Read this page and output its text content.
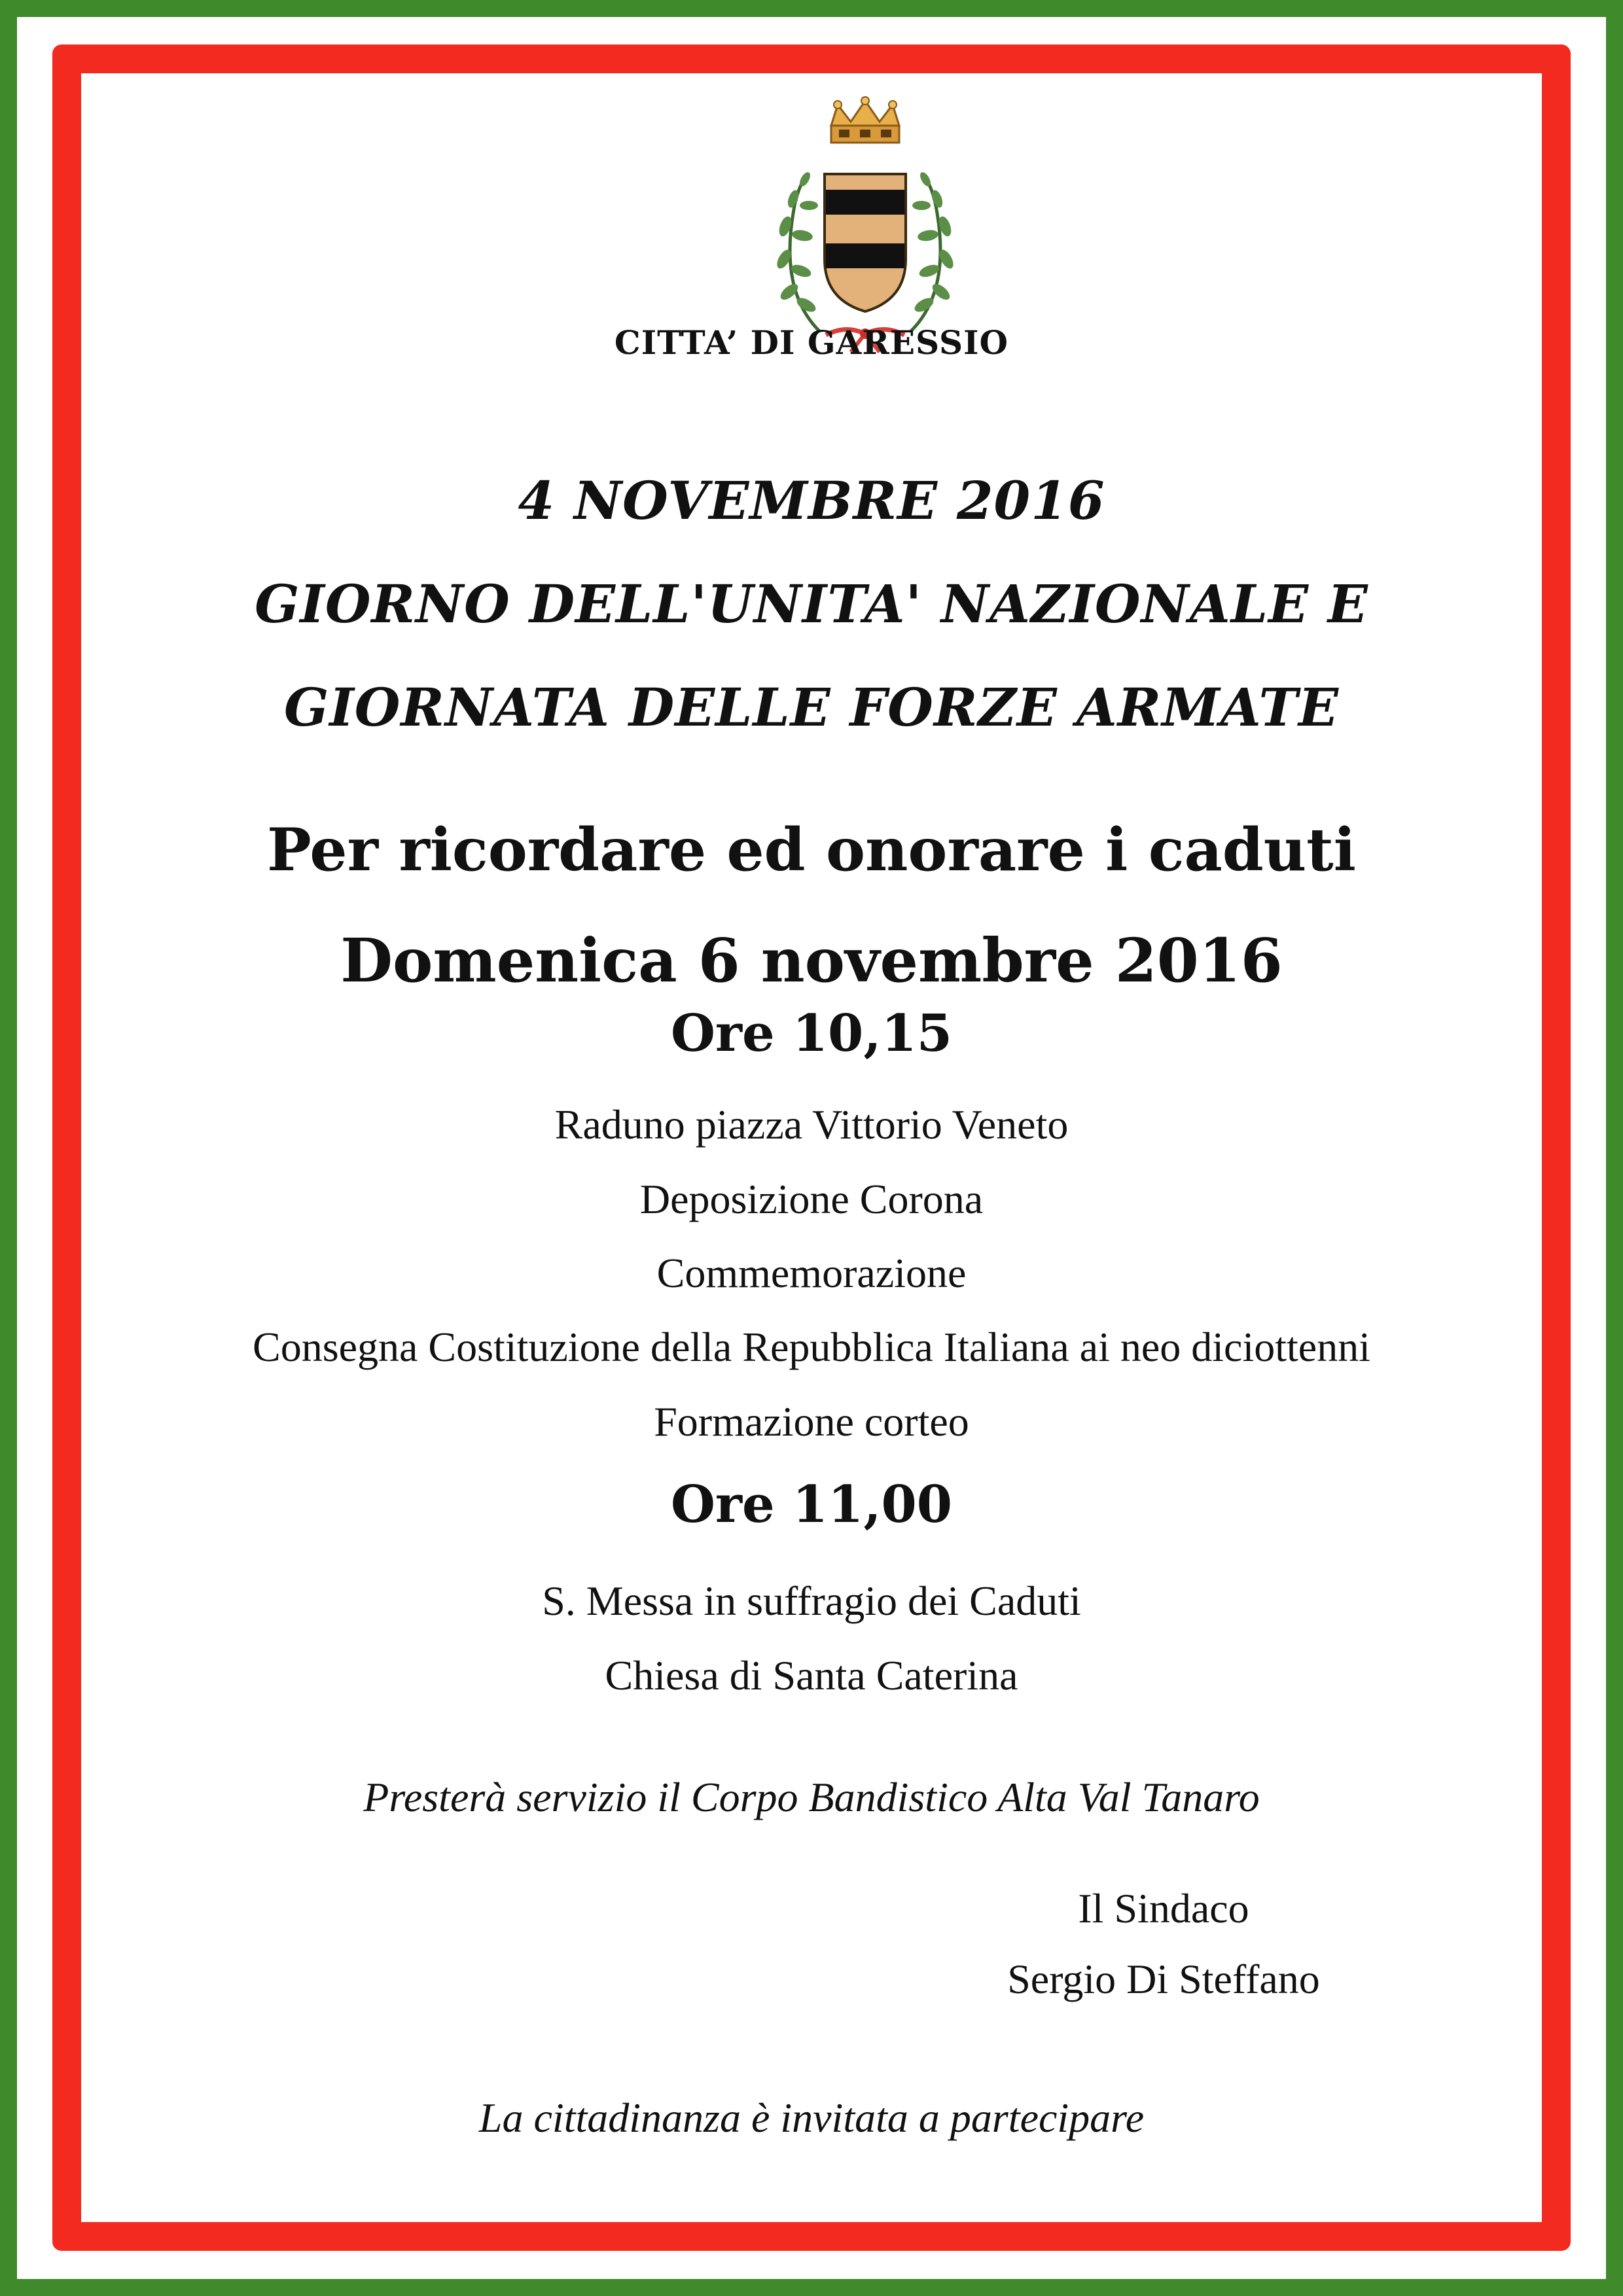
CITTA’ DI GARESSIO
4 NOVEMBRE 2016
GIORNO DELL'UNITA' NAZIONALE E
GIORNATA DELLE FORZE ARMATE
Per ricordare ed onorare i caduti
Domenica 6 novembre 2016
Ore 10,15
Raduno piazza Vittorio Veneto
Deposizione Corona
Commemorazione
Consegna Costituzione della Repubblica Italiana ai neo diciottenni
Formazione corteo
Ore 11,00
S. Messa in suffragio dei Caduti
Chiesa di Santa Caterina
Presterà servizio il Corpo Bandistico Alta Val Tanaro
Il Sindaco
Sergio Di Steffano
La cittadinanza è invitata a partecipare
